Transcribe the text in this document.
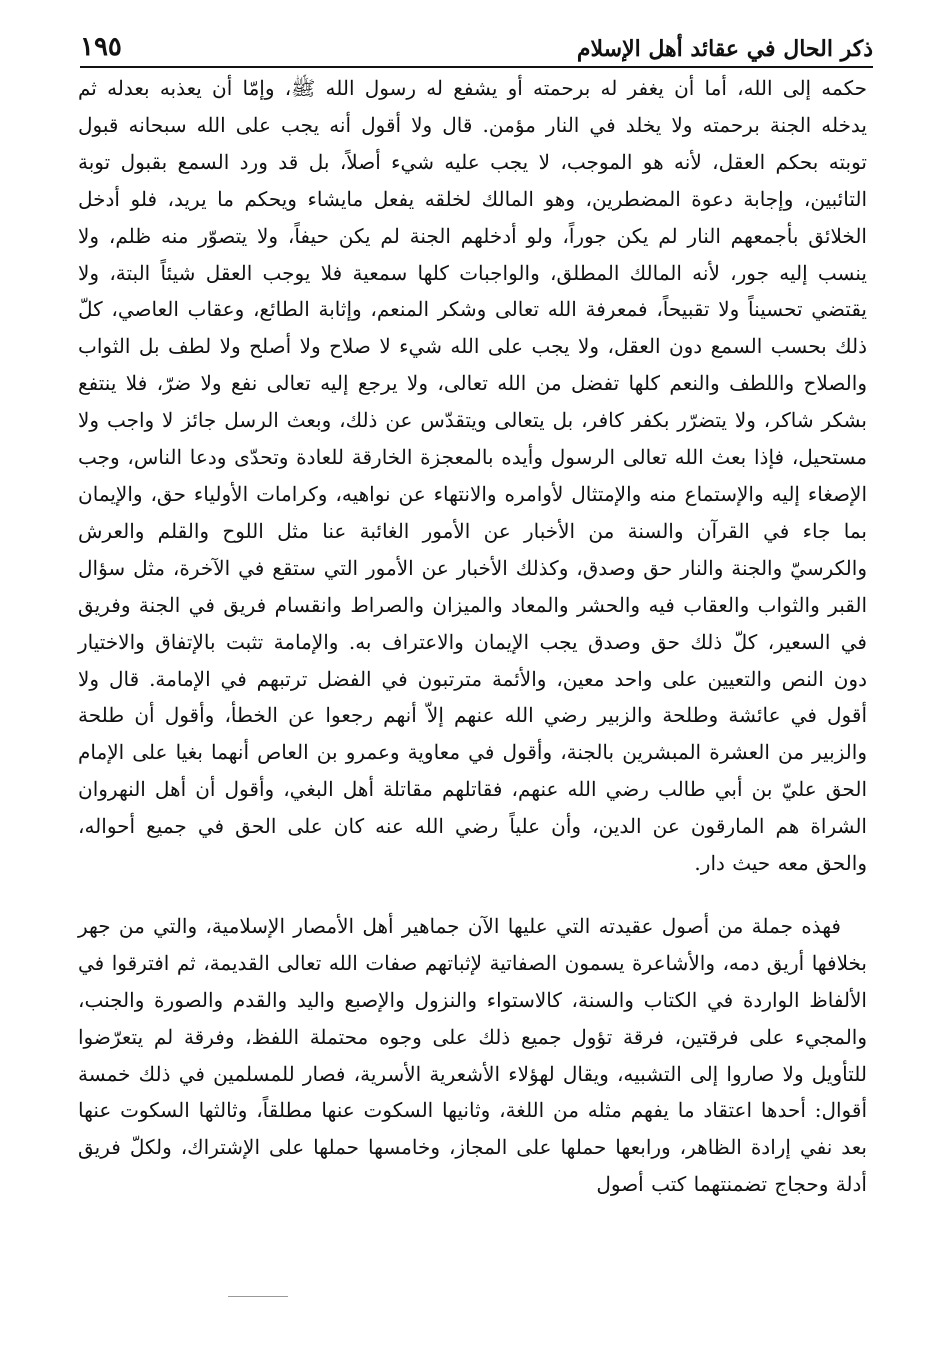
ذكر الحال في عقائد أهل الإسلام
١٩٥

حكمه إلى الله، أما أن يغفر له برحمته أو يشفع له رسول الله ﷺ، وإمّا أن يعذبه بعدله ثم يدخله الجنة برحمته ولا يخلد في النار مؤمن. قال ولا أقول أنه يجب على الله سبحانه قبول توبته بحكم العقل، لأنه هو الموجب، لا يجب عليه شيء أصلاً، بل قد ورد السمع بقبول توبة التائبين، وإجابة دعوة المضطرين، وهو المالك لخلقه يفعل مايشاء ويحكم ما يريد، فلو أدخل الخلائق بأجمعهم النار لم يكن جوراً، ولو أدخلهم الجنة لم يكن حيفاً، ولا يتصوّر منه ظلم، ولا ينسب إليه جور، لأنه المالك المطلق، والواجبات كلها سمعية فلا يوجب العقل شيئاً البتة، ولا يقتضي تحسيناً ولا تقبيحاً، فمعرفة الله تعالى وشكر المنعم، وإثابة الطائع، وعقاب العاصي، كلّ ذلك بحسب السمع دون العقل، ولا يجب على الله شيء لا صلاح ولا أصلح ولا لطف بل الثواب والصلاح واللطف والنعم كلها تفضل من الله تعالى، ولا يرجع إليه تعالى نفع ولا ضرّ، فلا ينتفع بشكر شاكر، ولا يتضرّر بكفر كافر، بل يتعالى ويتقدّس عن ذلك، وبعث الرسل جائز لا واجب ولا مستحيل، فإذا بعث الله تعالى الرسول وأيده بالمعجزة الخارقة للعادة وتحدّى ودعا الناس، وجب الإصغاء إليه والإستماع منه والإمتثال لأوامره والانتهاء عن نواهيه، وكرامات الأولياء حق، والإيمان بما جاء في القرآن والسنة من الأخبار عن الأمور الغائبة عنا مثل اللوح والقلم والعرش والكرسيّ والجنة والنار حق وصدق، وكذلك الأخبار عن الأمور التي ستقع في الآخرة، مثل سؤال القبر والثواب والعقاب فيه والحشر والمعاد والميزان والصراط وانقسام فريق في الجنة وفريق في السعير، كلّ ذلك حق وصدق يجب الإيمان والاعتراف به. والإمامة تثبت بالإتفاق والاختيار دون النص والتعيين على واحد معين، والأئمة مترتبون في الفضل ترتبهم في الإمامة. قال ولا أقول في عائشة وطلحة والزبير رضي الله عنهم إلاّ أنهم رجعوا عن الخطأ، وأقول أن طلحة والزبير من العشرة المبشرين بالجنة، وأقول في معاوية وعمرو بن العاص أنهما بغيا على الإمام الحق عليّ بن أبي طالب رضي الله عنهم، فقاتلهم مقاتلة أهل البغي، وأقول أن أهل النهروان الشراة هم المارقون عن الدين، وأن علياً رضي الله عنه كان على الحق في جميع أحواله، والحق معه حيث دار.

فهذه جملة من أصول عقيدته التي عليها الآن جماهير أهل الأمصار الإسلامية، والتي من جهر بخلافها أريق دمه، والأشاعرة يسمون الصفاتية لإثباتهم صفات الله تعالى القديمة، ثم افترقوا في الألفاظ الواردة في الكتاب والسنة، كالاستواء والنزول والإصبع واليد والقدم والصورة والجنب، والمجيء على فرقتين، فرقة تؤول جميع ذلك على وجوه محتملة اللفظ، وفرقة لم يتعرّضوا للتأويل ولا صاروا إلى التشبيه، ويقال لهؤلاء الأشعرية الأسرية، فصار للمسلمين في ذلك خمسة أقوال: أحدها اعتقاد ما يفهم مثله من اللغة، وثانيها السكوت عنها مطلقاً، وثالثها السكوت عنها بعد نفي إرادة الظاهر، ورابعها حملها على المجاز، وخامسها حملها على الإشتراك، ولكلّ فريق أدلة وحجاج تضمنتهما كتب أصول
